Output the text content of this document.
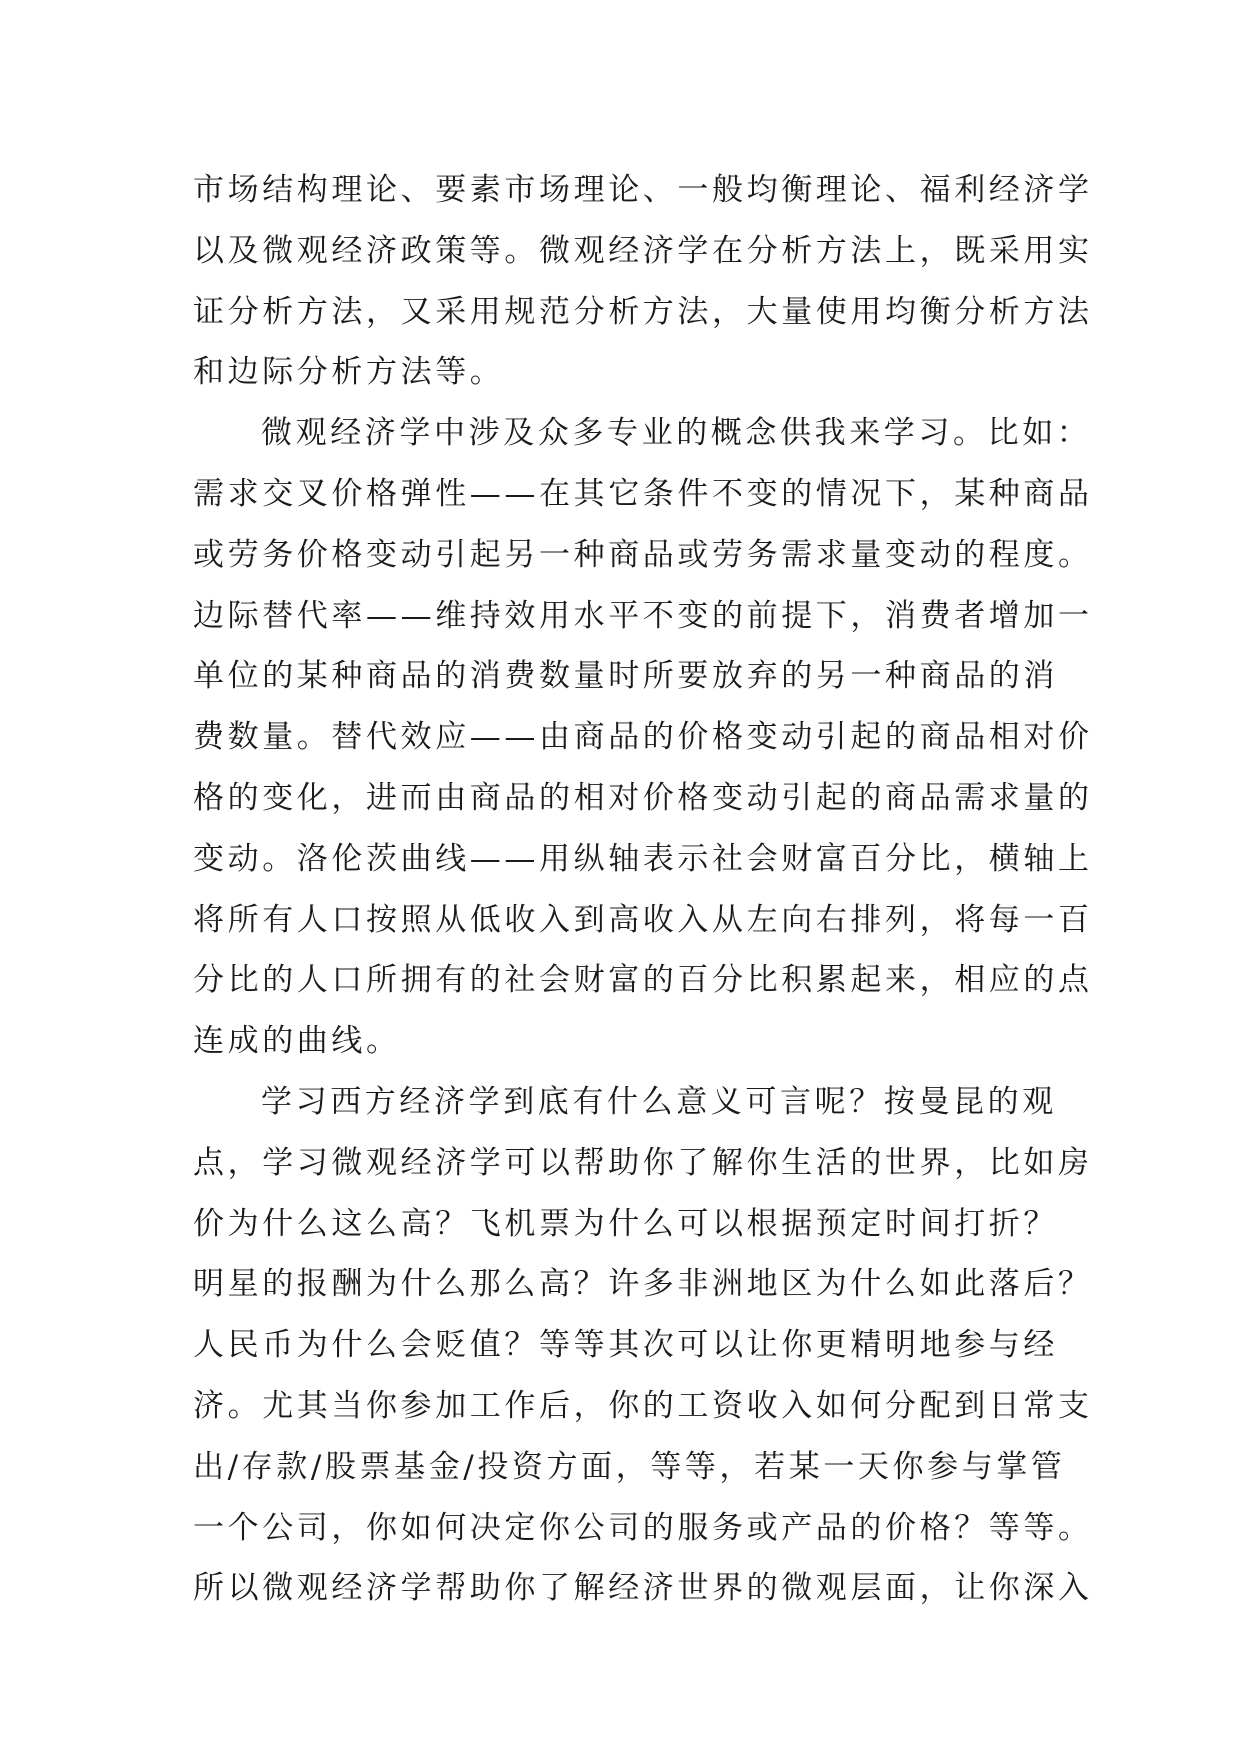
市场结构理论、要素市场理论、一般均衡理论、福利经济学
以及微观经济政策等。微观经济学在分析方法上，既采用实
证分析方法，又采用规范分析方法，大量使用均衡分析方法
和边际分析方法等。
微观经济学中涉及众多专业的概念供我来学习。比如：
需求交叉价格弹性——在其它条件不变的情况下，某种商品
或劳务价格变动引起另一种商品或劳务需求量变动的程度。
边际替代率——维持效用水平不变的前提下，消费者增加一
单位的某种商品的消费数量时所要放弃的另一种商品的消
费数量。替代效应——由商品的价格变动引起的商品相对价
格的变化，进而由商品的相对价格变动引起的商品需求量的
变动。洛伦茨曲线——用纵轴表示社会财富百分比，横轴上
将所有人口按照从低收入到高收入从左向右排列，将每一百
分比的人口所拥有的社会财富的百分比积累起来，相应的点
连成的曲线。
学习西方经济学到底有什么意义可言呢？按曼昆的观
点，学习微观经济学可以帮助你了解你生活的世界，比如房
价为什么这么高？飞机票为什么可以根据预定时间打折？
明星的报酬为什么那么高？许多非洲地区为什么如此落后？
人民币为什么会贬值？等等其次可以让你更精明地参与经
济。尤其当你参加工作后，你的工资收入如何分配到日常支
出/存款/股票基金/投资方面，等等，若某一天你参与掌管
一个公司，你如何决定你公司的服务或产品的价格？等等。
所以微观经济学帮助你了解经济世界的微观层面，让你深入
